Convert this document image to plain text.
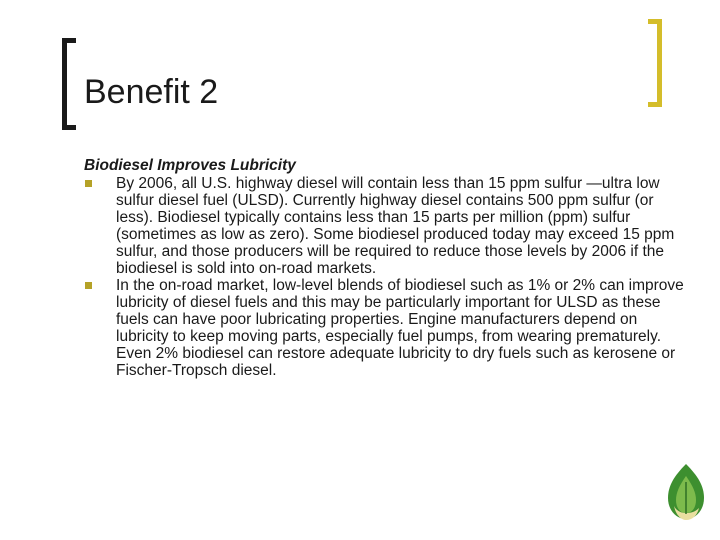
Benefit 2

Biodiesel Improves Lubricity

By 2006, all U.S. highway diesel will contain less than 15 ppm sulfur —ultra low sulfur diesel fuel (ULSD). Currently highway diesel contains 500 ppm sulfur (or less). Biodiesel typically contains less than 15 parts per million (ppm) sulfur (sometimes as low as zero). Some biodiesel produced today may exceed 15 ppm sulfur, and those producers will be required to reduce those levels by 2006 if the biodiesel is sold into on-road markets.
In the on-road market, low-level blends of biodiesel such as 1% or 2% can improve lubricity of diesel fuels and this may be particularly important for ULSD as these fuels can have poor lubricating properties. Engine manufacturers depend on lubricity to keep moving parts, especially fuel pumps, from wearing prematurely. Even 2% biodiesel can restore adequate lubricity to dry fuels such as kerosene or Fischer-Tropsch diesel.
